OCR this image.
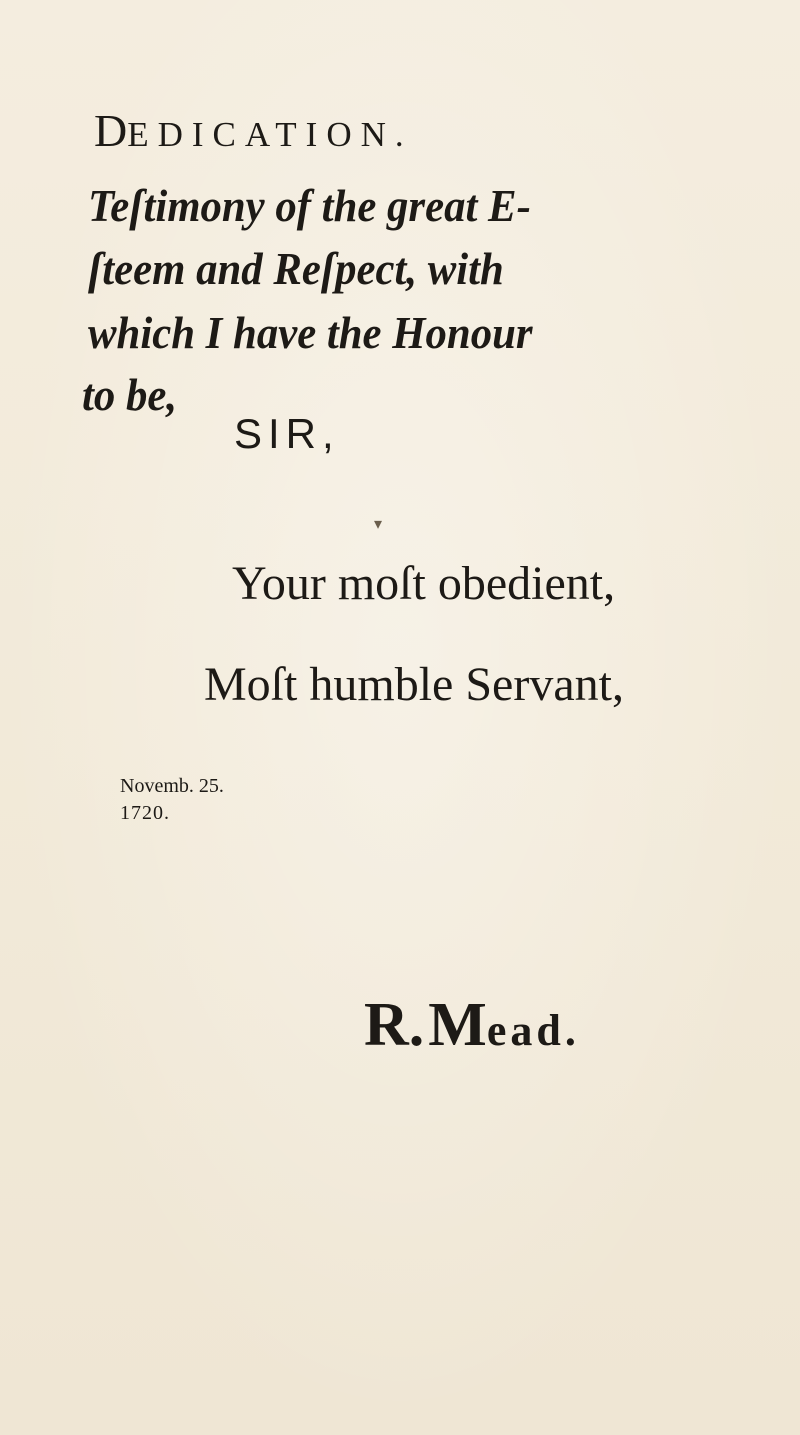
DEDICATION.
Teſtimony of the great E-
ſteem and Reſpect, with
which I have the Honour
to be,
SIR,
Your moſt obedient,
Moſt humble Servant,
Novemb. 25.
1720.
R. Mead.
▾
